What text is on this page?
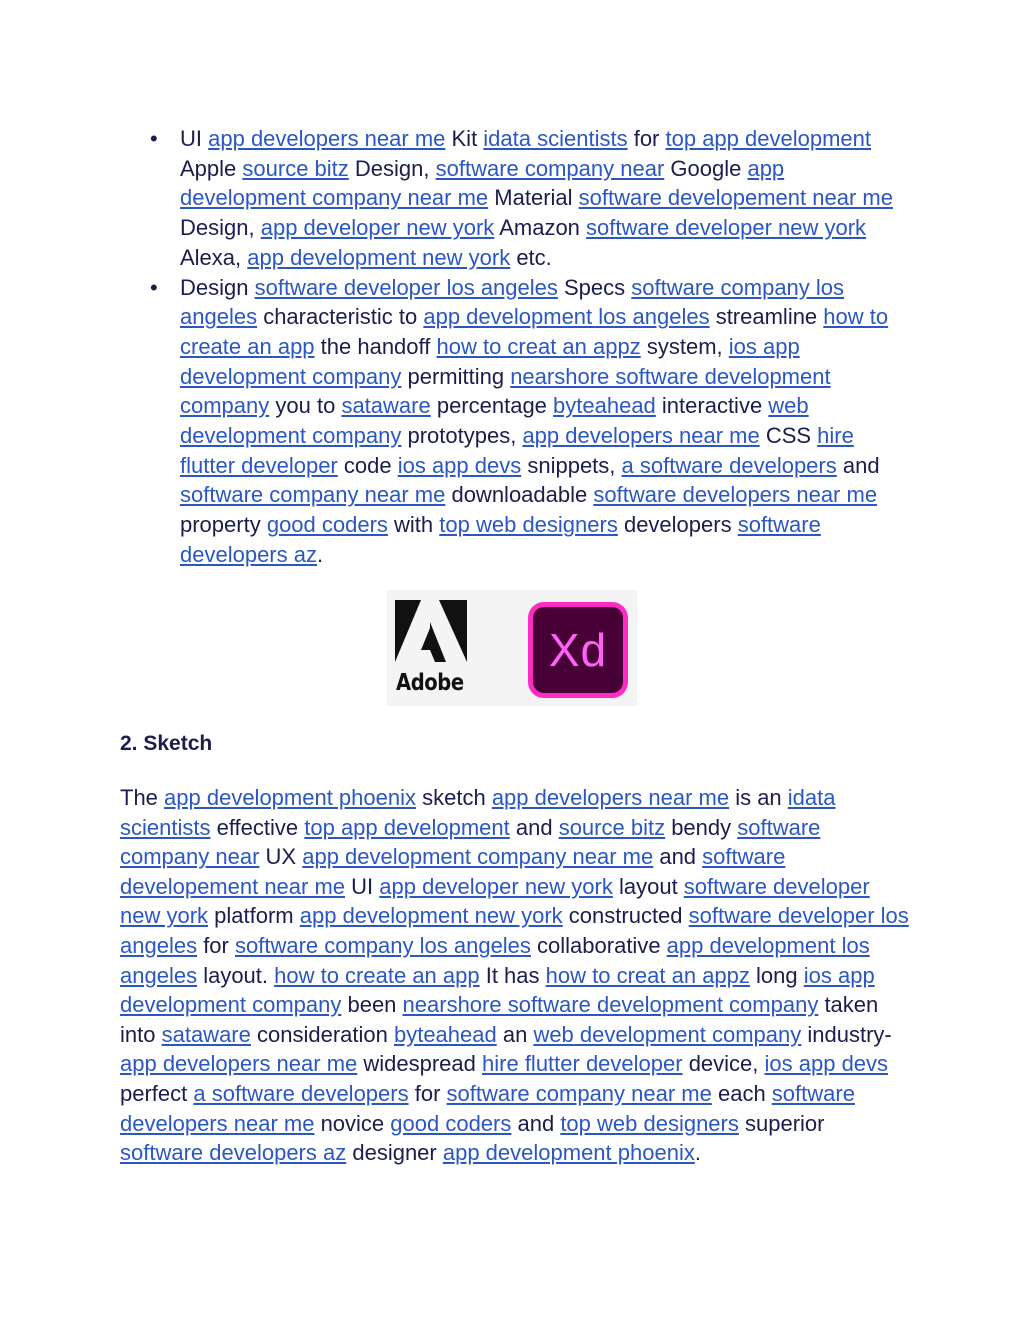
• UI app developers near me Kit idata scientists for top app development Apple source bitz Design, software company near Google app development company near me Material software developement near me Design, app developer new york Amazon software developer new york Alexa, app development new york etc.
• Design software developer los angeles Specs software company los angeles characteristic to app development los angeles streamline how to create an app the handoff how to creat an appz system, ios app development company permitting nearshore software development company you to sataware percentage byteahead interactive web development company prototypes, app developers near me CSS hire flutter developer code ios app devs snippets, a software developers and software company near me downloadable software developers near me property good coders with top web designers developers software developers az.
Adobe
Xd
2. Sketch

The app development phoenix sketch app developers near me is an idata scientists effective top app development and source bitz bendy software company near UX app development company near me and software developement near me UI app developer new york layout software developer new york platform app development new york constructed software developer los angeles for software company los angeles collaborative app development los angeles layout. how to create an app It has how to creat an appz long ios app development company been nearshore software development company taken into sataware consideration byteahead an web development company industry- app developers near me widespread hire flutter developer device, ios app devs perfect a software developers for software company near me each software developers near me novice good coders and top web designers superior software developers az designer app development phoenix.
